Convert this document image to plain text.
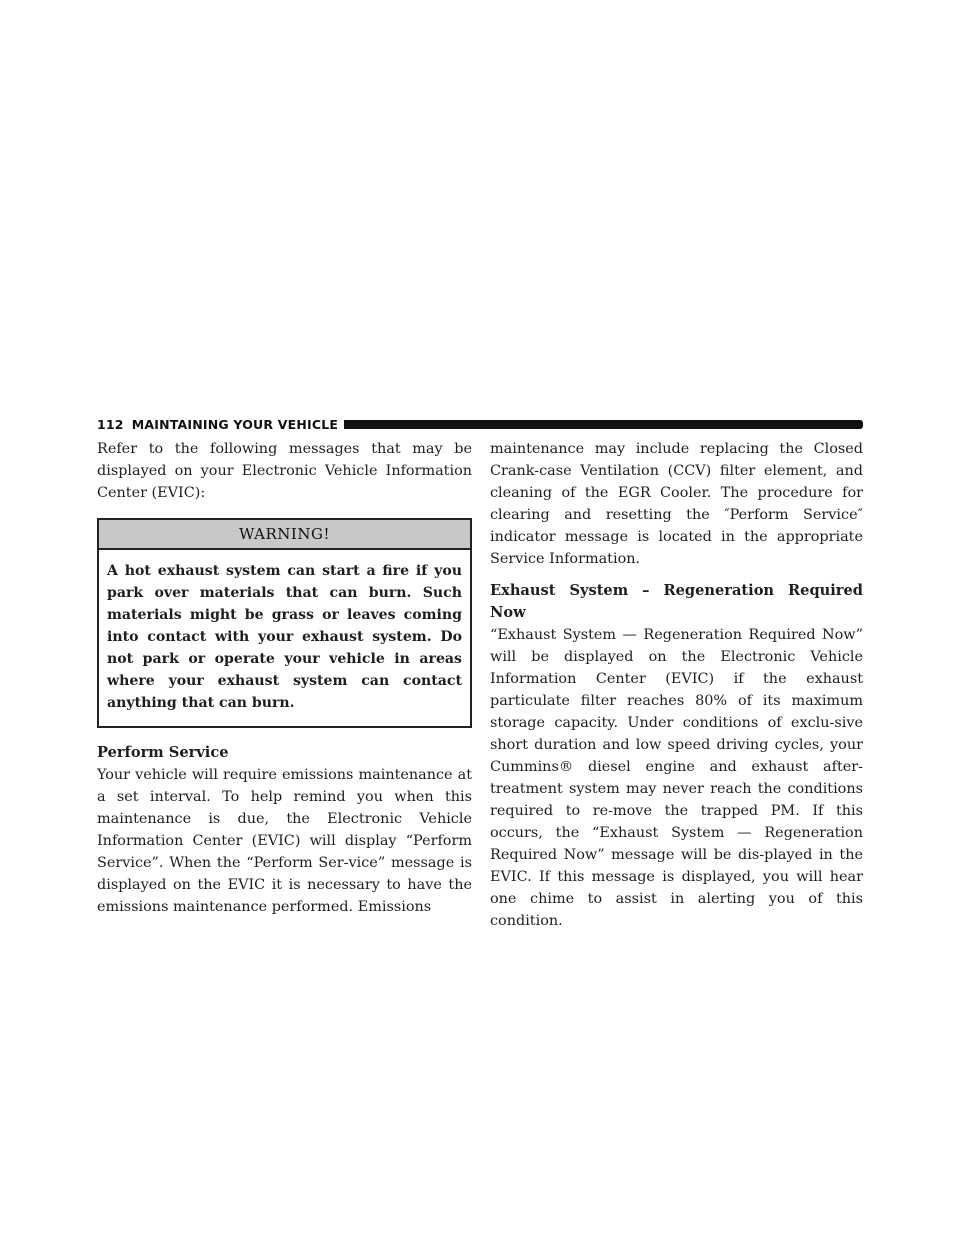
112 MAINTAINING YOUR VEHICLE

Refer to the following messages that may be displayed on your Electronic Vehicle Information Center (EVIC):

WARNING!
A hot exhaust system can start a fire if you park over materials that can burn. Such materials might be grass or leaves coming into contact with your exhaust system. Do not park or operate your vehicle in areas where your exhaust system can contact anything that can burn.
Perform Service

Your vehicle will require emissions maintenance at a set interval. To help remind you when this maintenance is due, the Electronic Vehicle Information Center (EVIC) will display “Perform Service”. When the “Perform Ser-vice” message is displayed on the EVIC it is necessary to have the emissions maintenance performed. Emissions

maintenance may include replacing the Closed Crank-case Ventilation (CCV) filter element, and cleaning of the EGR Cooler. The procedure for clearing and resetting the ″Perform Service″ indicator message is located in the appropriate Service Information.

Exhaust System – Regeneration Required Now

“Exhaust System — Regeneration Required Now” will be displayed on the Electronic Vehicle Information Center (EVIC) if the exhaust particulate filter reaches 80% of its maximum storage capacity. Under conditions of exclu-sive short duration and low speed driving cycles, your Cummins® diesel engine and exhaust after-treatment system may never reach the conditions required to re-move the trapped PM. If this occurs, the “Exhaust System — Regeneration Required Now” message will be dis-played in the EVIC. If this message is displayed, you will hear one chime to assist in alerting you of this condition.
